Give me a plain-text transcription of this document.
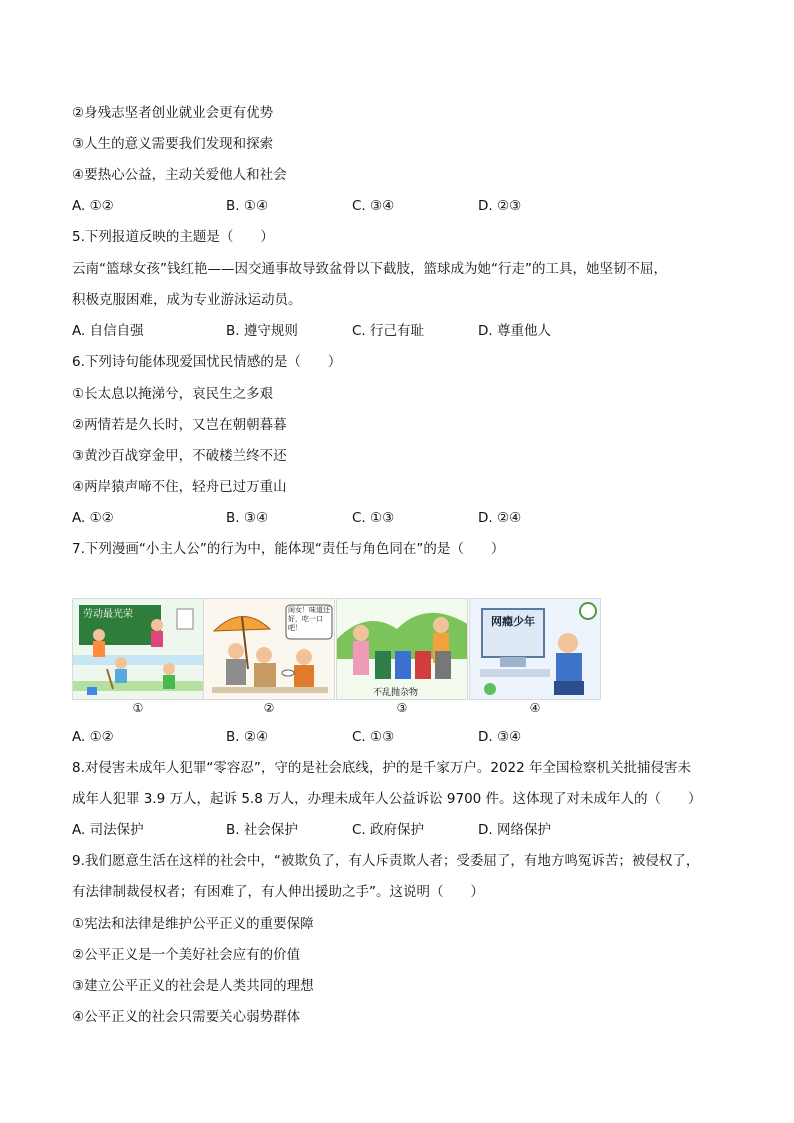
②身残志坚者创业就业会更有优势
③人生的意义需要我们发现和探索
④要热心公益，主动关爱他人和社会
A. ①②	B. ①④	C. ③④	D. ②③
5.下列报道反映的主题是（　　）
云南“篮球女孩”钱红艳——因交通事故导致盆骨以下截肢，篮球成为她“行走”的工具，她坚韧不屈，
积极克服困难，成为专业游泳运动员。
A. 自信自强	B. 遵守规则	C. 行己有耻	D. 尊重他人
6.下列诗句能体现爱国忧民情感的是（　　）
①长太息以掩涕兮，哀民生之多艰
②两情若是久长时，又岂在朝朝暮暮
③黄沙百战穿金甲，不破楼兰终不还
④两岸猿声啼不住，轻舟已过万重山
A. ①②	B. ③④	C. ①③	D. ②④
7.下列漫画“小主人公”的行为中，能体现“责任与角色同在”的是（　　）
劳动最光荣	闺女！味道还好，吃一口吧！
不乱抛杂物
网瘾少年
①	②	③	④
A. ①②	B. ②④	C. ①③	D. ③④
8.对侵害未成年人犯罪“零容忍”，守的是社会底线，护的是千家万户。2022 年全国检察机关批捕侵害未
成年人犯罪 3.9 万人，起诉 5.8 万人，办理未成年人公益诉讼 9700 件。这体现了对未成年人的（　　）
A. 司法保护	B. 社会保护	C. 政府保护	D. 网络保护
9.我们愿意生活在这样的社会中，“被欺负了，有人斥责欺人者；受委屈了，有地方鸣冤诉苦；被侵权了，
有法律制裁侵权者；有困难了，有人伸出援助之手”。这说明（　　）
①宪法和法律是维护公平正义的重要保障
②公平正义是一个美好社会应有的价值
③建立公平正义的社会是人类共同的理想
④公平正义的社会只需要关心弱势群体
